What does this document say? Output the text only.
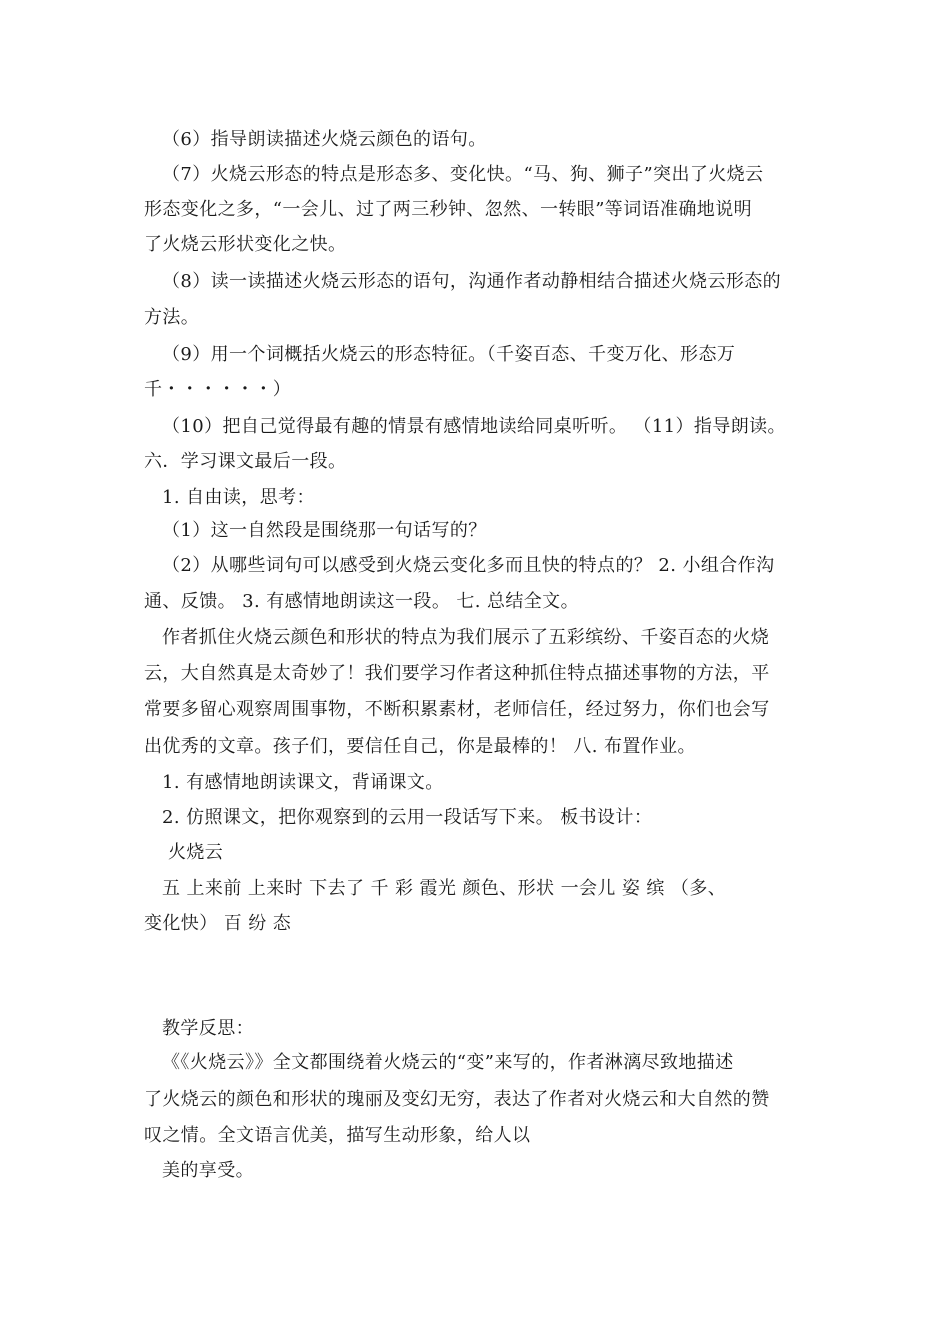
（6）指导朗读描述火烧云颜色的语句。
（7）火烧云形态的特点是形态多、变化快。“马、狗、狮子”突出了火烧云
形态变化之多，“一会儿、过了两三秒钟、忽然、一转眼”等词语准确地说明
了火烧云形状变化之快。
（8）读一读描述火烧云形态的语句，沟通作者动静相结合描述火烧云形态的
方法。
（9）用一个词概括火烧云的形态特征。（千姿百态、千变万化、形态万
千・・・・・・）
（10）把自己觉得最有趣的情景有感情地读给同桌听听。 （11）指导朗读。
六．学习课文最后一段。
1. 自由读，思考：
（1）这一自然段是围绕那一句话写的？
（2）从哪些词句可以感受到火烧云变化多而且快的特点的？ 2. 小组合作沟
通、反馈。 3. 有感情地朗读这一段。 七. 总结全文。
作者抓住火烧云颜色和形状的特点为我们展示了五彩缤纷、千姿百态的火烧
云，大自然真是太奇妙了！我们要学习作者这种抓住特点描述事物的方法，平
常要多留心观察周围事物，不断积累素材，老师信任，经过努力，你们也会写
出优秀的文章。孩子们，要信任自己，你是最棒的！ 八. 布置作业。
1. 有感情地朗读课文，背诵课文。
2. 仿照课文，把你观察到的云用一段话写下来。 板书设计：
火烧云
五 上来前 上来时 下去了 千 彩 霞光 颜色、形状 一会儿 姿 缤 （多、
变化快） 百 纷 态
教学反思：
《《火烧云》》全文都围绕着火烧云的“变”来写的，作者淋漓尽致地描述
了火烧云的颜色和形状的瑰丽及变幻无穷，表达了作者对火烧云和大自然的赞
叹之情。全文语言优美，描写生动形象，给人以
美的享受。
